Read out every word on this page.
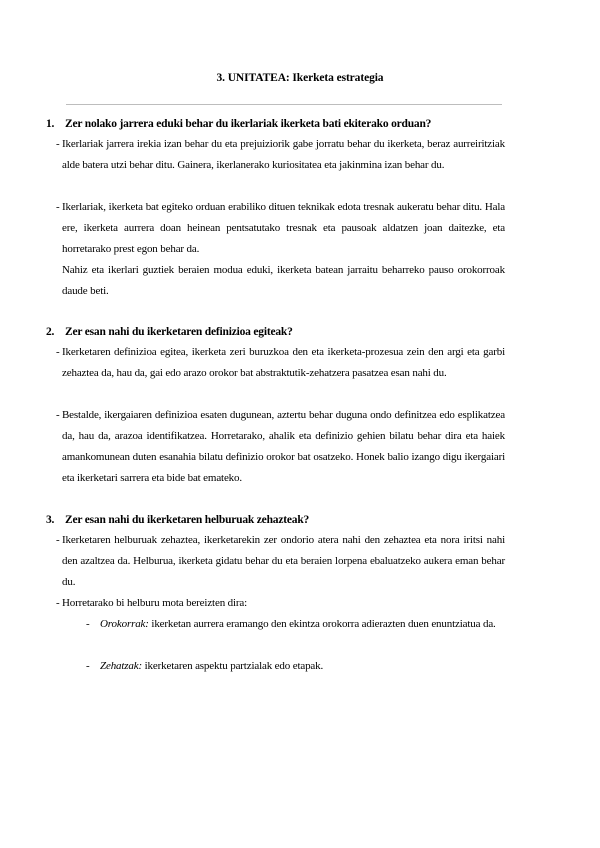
3. UNITATEA: Ikerketa estrategia
1. Zer nolako jarrera eduki behar du ikerlariak ikerketa bati ekiterako orduan?
- Ikerlariak jarrera irekia izan behar du eta prejuiziorik gabe jorratu behar du ikerketa, beraz aurreiritziak alde batera utzi behar ditu. Gainera, ikerlanerako kuriositatea eta jakinmina izan behar du.
- Ikerlariak, ikerketa bat egiteko orduan erabiliko dituen teknikak edota tresnak aukeratu behar ditu. Hala ere, ikerketa aurrera doan heinean pentsatutako tresnak eta pausoak aldatzen joan daitezke, eta horretarako prest egon behar da.
Nahiz eta ikerlari guztiek beraien modua eduki, ikerketa batean jarraitu beharreko pauso orokorroak daude beti.
2. Zer esan nahi du ikerketaren definizioa egiteak?
- Ikerketaren definizioa egitea, ikerketa zeri buruzkoa den eta ikerketa-prozesua zein den argi eta garbi zehaztea da, hau da, gai edo arazo orokor bat abstraktutik-zehatzera pasatzea esan nahi du.
- Bestalde, ikergaiaren definizioa esaten dugunean, aztertu behar duguna ondo definitzea edo esplikatzea da, hau da, arazoa identifikatzea. Horretarako, ahalik eta definizio gehien bilatu behar dira eta haiek amankomunean duten esanahia bilatu definizio orokor bat osatzeko. Honek balio izango digu ikergaiari eta ikerketari sarrera eta bide bat emateko.
3. Zer esan nahi du ikerketaren helburuak zehazteak?
- Ikerketaren helburuak zehaztea, ikerketarekin zer ondorio atera nahi den zehaztea eta nora iritsi nahi den azaltzea da. Helburua, ikerketa gidatu behar du eta beraien lorpena ebaluatzeko aukera eman behar du.
- Horretarako bi helburu mota bereizten dira:
- Orokorrak: ikerketan aurrera eramango den ekintza orokorra adierazten duen enuntziatua da.
- Zehatzak: ikerketaren aspektu partzialak edo etapak.
